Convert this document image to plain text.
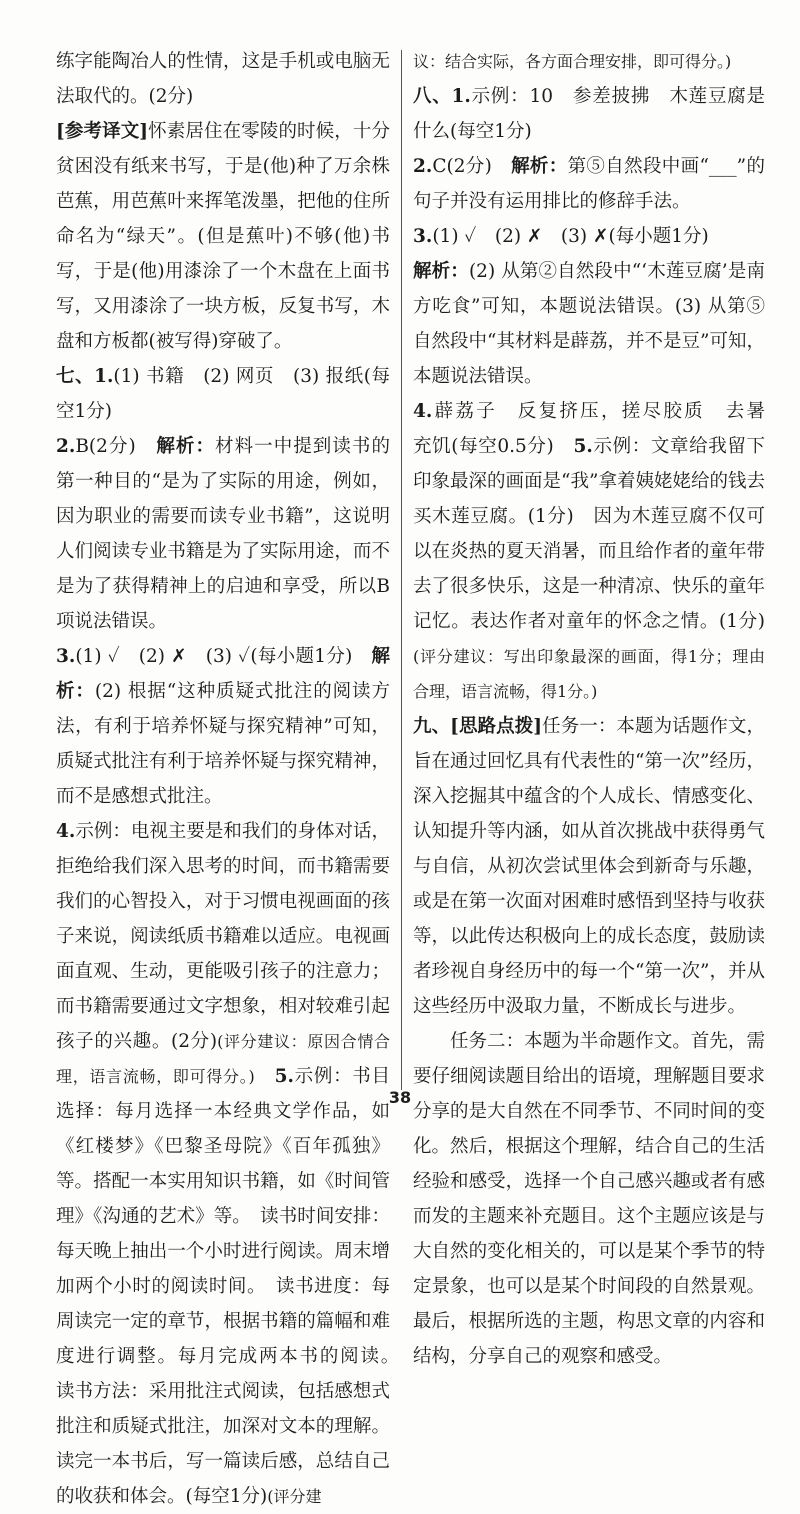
练字能陶冶人的性情，这是手机或电脑无法取代的。(2分)

[参考译文]怀素居住在零陵的时候，十分贫困没有纸来书写，于是(他)种了万余株芭蕉，用芭蕉叶来挥笔泼墨，把他的住所命名为“绿天”。(但是蕉叶)不够(他)书写，于是(他)用漆涂了一个木盘在上面书写，又用漆涂了一块方板，反复书写，木盘和方板都(被写得)穿破了。

七、1.(1) 书籍　(2) 网页　(3) 报纸(每空1分)

2.B(2分)　 解析：材料一中提到读书的第一种目的“是为了实际的用途，例如，因为职业的需要而读专业书籍”，这说明人们阅读专业书籍是为了实际用途，而不是为了获得精神上的启迪和享受，所以B项说法错误。

3.(1) ✓　(2) ✗　(3) ✓(每小题1分)　 解析：(2) 根据“这种质疑式批注的阅读方法，有利于培养怀疑与探究精神”可知，质疑式批注有利于培养怀疑与探究精神，而不是感想式批注。

4.示例：电视主要是和我们的身体对话，拒绝给我们深入思考的时间，而书籍需要我们的心智投入，对于习惯电视画面的孩子来说，阅读纸质书籍难以适应。电视画面直观、生动，更能吸引孩子的注意力；而书籍需要通过文字想象，相对较难引起孩子的兴趣。(2分)(评分建议：原因合情合理，语言流畅，即可得分。)　 5.示例：书目选择：每月选择一本经典文学作品，如《红楼梦》《巴黎圣母院》《百年孤独》等。搭配一本实用知识书籍，如《时间管理》《沟通的艺术》等。　读书时间安排：每天晚上抽出一个小时进行阅读。周末增加两个小时的阅读时间。　读书进度：每周读完一定的章节，根据书籍的篇幅和难度进行调整。每月完成两本书的阅读。　读书方法：采用批注式阅读，包括感想式批注和质疑式批注，加深对文本的理解。读完一本书后，写一篇读后感，总结自己的收获和体会。(每空1分)(评分建

议：结合实际，各方面合理安排，即可得分。)

八、1.示例：10　参差披拂　木莲豆腐是什么(每空1分)

2.C(2分)　 解析：第⑤自然段中画“___”的句子并没有运用排比的修辞手法。

3.(1) ✓　(2) ✗　(3) ✗(每小题1分)
解析：(2) 从第②自然段中“‘木莲豆腐’是南方吃食”可知，本题说法错误。(3) 从第⑤自然段中“其材料是薜荔，并不是豆”可知，本题说法错误。

4.薜荔子　反复挤压，搓尽胶质　去暑　充饥(每空0.5分)　 5.示例：文章给我留下印象最深的画面是“我”拿着姨姥姥给的钱去买木莲豆腐。(1分)　因为木莲豆腐不仅可以在炎热的夏天消暑，而且给作者的童年带去了很多快乐，这是一种清凉、快乐的童年记忆。表达作者对童年的怀念之情。(1分)(评分建议：写出印象最深的画面，得1分；理由合理，语言流畅，得1分。)

九、[思路点拨]任务一：本题为话题作文，旨在通过回忆具有代表性的“第一次”经历，深入挖掘其中蕴含的个人成长、情感变化、认知提升等内涵，如从首次挑战中获得勇气与自信，从初次尝试里体会到新奇与乐趣，或是在第一次面对困难时感悟到坚持与收获等，以此传达积极向上的成长态度，鼓励读者珍视自身经历中的每一个“第一次”，并从这些经历中汲取力量，不断成长与进步。

任务二：本题为半命题作文。首先，需要仔细阅读题目给出的语境，理解题目要求分享的是大自然在不同季节、不同时间的变化。然后，根据这个理解，结合自己的生活经验和感受，选择一个自己感兴趣或者有感而发的主题来补充题目。这个主题应该是与大自然的变化相关的，可以是某个季节的特定景象，也可以是某个时间段的自然景观。最后，根据所选的主题，构思文章的内容和结构，分享自己的观察和感受。

38
